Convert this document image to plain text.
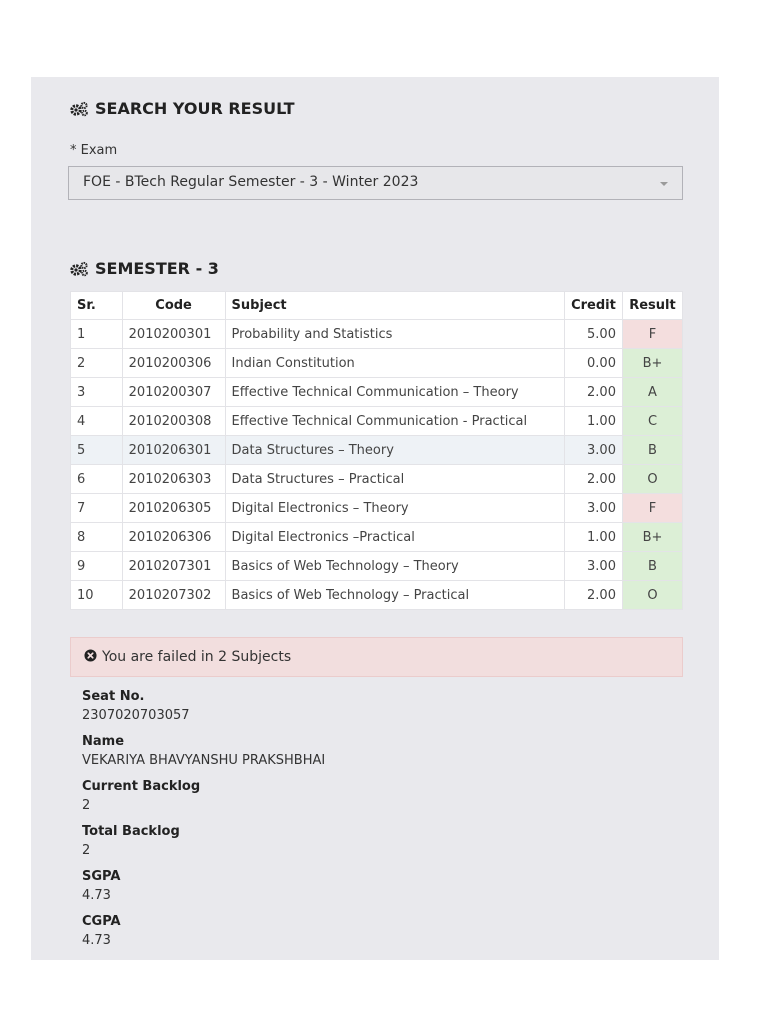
SEARCH YOUR RESULT
* Exam
FOE - BTech Regular Semester - 3 - Winter 2023
SEMESTER - 3
Sr.	Code	Subject	Credit	Result
1	2010200301	Probability and Statistics	5.00	F
2	2010200306	Indian Constitution	0.00	B+
3	2010200307	Effective Technical Communication – Theory	2.00	A
4	2010200308	Effective Technical Communication - Practical	1.00	C
5	2010206301	Data Structures – Theory	3.00	B
6	2010206303	Data Structures – Practical	2.00	O
7	2010206305	Digital Electronics – Theory	3.00	F
8	2010206306	Digital Electronics –Practical	1.00	B+
9	2010207301	Basics of Web Technology – Theory	3.00	B
10	2010207302	Basics of Web Technology – Practical	2.00	O
You are failed in 2 Subjects
Seat No.
2307020703057
Name
VEKARIYA BHAVYANSHU PRAKSHBHAI
Current Backlog
2
Total Backlog
2
SGPA
4.73
CGPA
4.73
